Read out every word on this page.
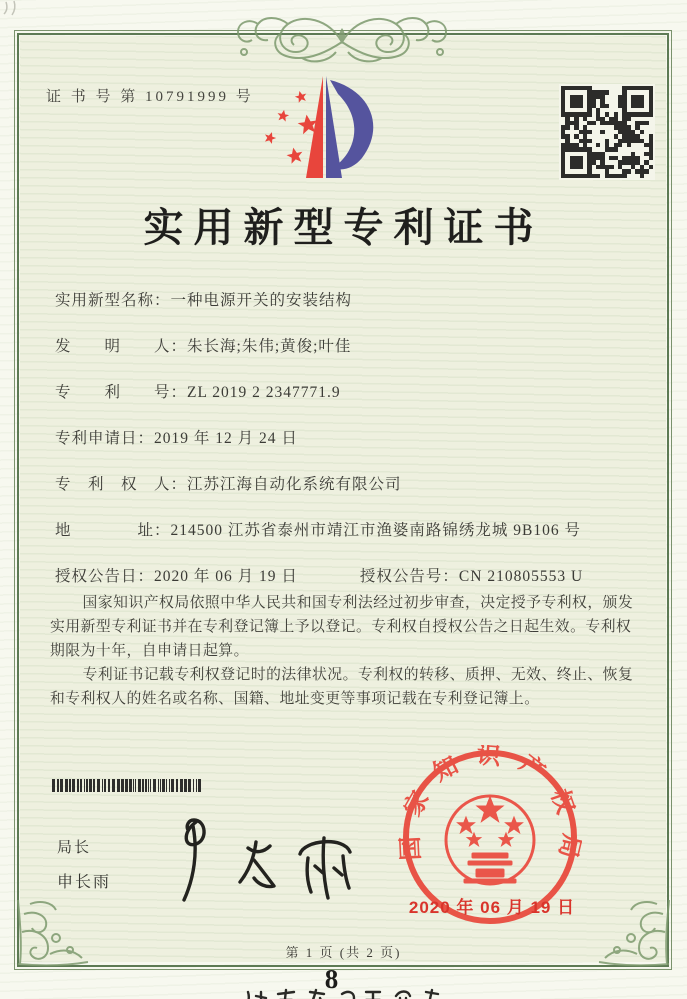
证 书 号 第 10791999 号
实用新型专利证书
实用新型名称：一种电源开关的安装结构
发　　明　　人：朱长海;朱伟;黄俊;叶佳
专　　利　　号：ZL 2019 2 2347771.9
专利申请日：2019 年 12 月 24 日
专　利　权　人：江苏江海自动化系统有限公司
地　　　　址：214500 江苏省泰州市靖江市渔婆南路锦绣龙城 9B106 号
授权公告日：2020 年 06 月 19 日	授权公告号：CN 210805553 U

国家知识产权局依照中华人民共和国专利法经过初步审查，决定授予专利权，颁发实用新型专利证书并在专利登记簿上予以登记。专利权自授权公告之日起生效。专利权期限为十年，自申请日起算。

专利证书记载专利权登记时的法律状况。专利权的转移、质押、无效、终止、恢复和专利权人的姓名或名称、国籍、地址变更等事项记载在专利登记簿上。

局长
申长雨
国家知识产权局
2020 年 06 月 19 日
第 1 页 (共 2 页)
8
